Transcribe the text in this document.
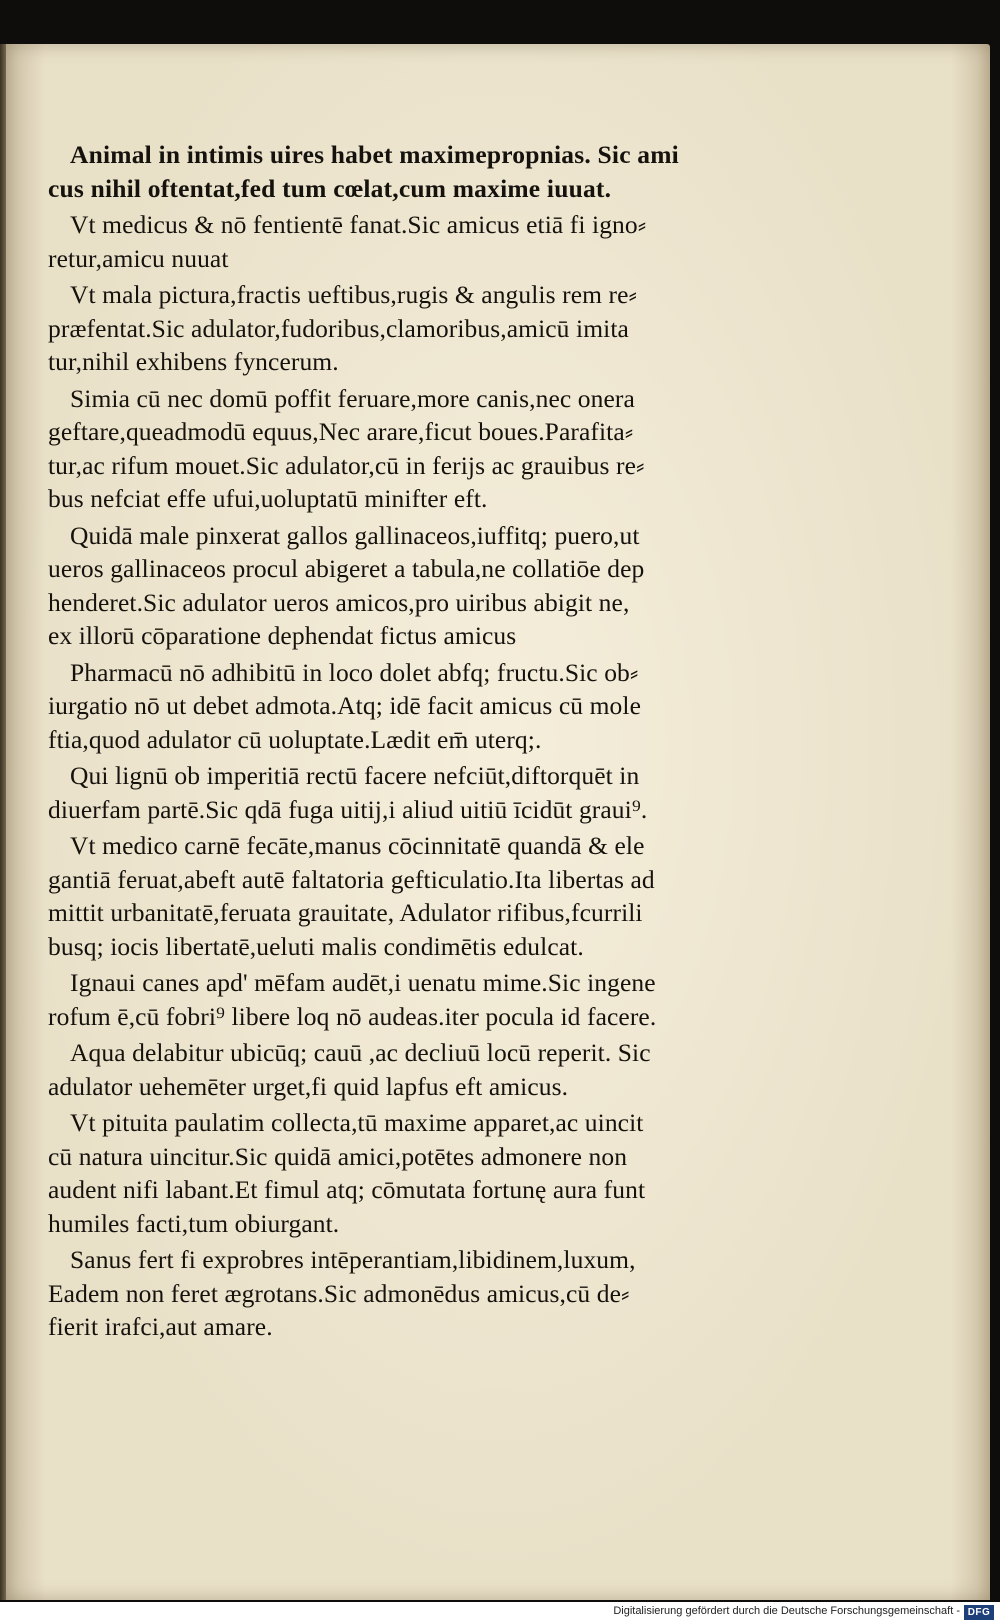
Animal in intimis uires habet maximepropnias. Sic ami
cus nihil oftentat,fed tum cœlat,cum maxime iuuat.

Vt medicus & nō fentientē fanat.Sic amicus etiā fi igno⸗
retur,amicu nuuat

Vt mala pictura,fractis ueftibus,rugis & angulis rem re⸗
præfentat.Sic adulator,fudoribus,clamoribus,amicū imita
tur,nihil exhibens fyncerum.

Simia cū nec domū poffit feruare,more canis,nec onera
geftare,queadmodū equus,Nec arare,ficut boues.Parafita⸗
tur,ac rifum mouet.Sic adulator,cū in ferijs ac grauibus re⸗
bus nefciat effe ufui,uoluptatū minifter eft.

Quidā male pinxerat gallos gallinaceos,iuffitq; puero,ut
ueros gallinaceos procul abigeret a tabula,ne collatiōe dep
henderet.Sic adulator ueros amicos,pro uiribus abigit ne,
ex illorū cōparatione dephendat fictus amicus

Pharmacū nō adhibitū in loco dolet abfq; fructu.Sic ob⸗
iurgatio nō ut debet admota.Atq; idē facit amicus cū mole
ftia,quod adulator cū uoluptate.Lædit em̄ uterq;.

Qui lignū ob imperitiā rectū facere nefciūt,diftorquēt in
diuerfam partē.Sic qdā fuga uitij,i aliud uitiū īcidūt graui⁹.

Vt medico carnē fecāte,manus cōcinnitatē quandā & ele
gantiā feruat,abeft autē faltatoria gefticulatio.Ita libertas ad
mittit urbanitatē,feruata grauitate, Adulator rifibus,fcurrili
busq; iocis libertatē,ueluti malis condimētis edulcat.

Ignaui canes apd' mēfam audēt,i uenatu mime.Sic ingene
rofum ē,cū fobri⁹ libere loq nō audeas.iter pocula id facere.

Aqua delabitur ubicūq; cauū ,ac decliuū locū reperit. Sic
adulator uehemēter urget,fi quid lapfus eft amicus.

Vt pituita paulatim collecta,tū maxime apparet,ac uincit
cū natura uincitur.Sic quidā amici,potētes admonere non
audent nifi labant.Et fimul atq; cōmutata fortunę aura funt
humiles facti,tum obiurgant.

Sanus fert fi exprobres intēperantiam,libidinem,luxum,
Eadem non feret ægrotans.Sic admonēdus amicus,cū de⸗
fierit irafci,aut amare.

Digitalisierung gefördert durch die Deutsche Forschungsgemeinschaft - DFG
